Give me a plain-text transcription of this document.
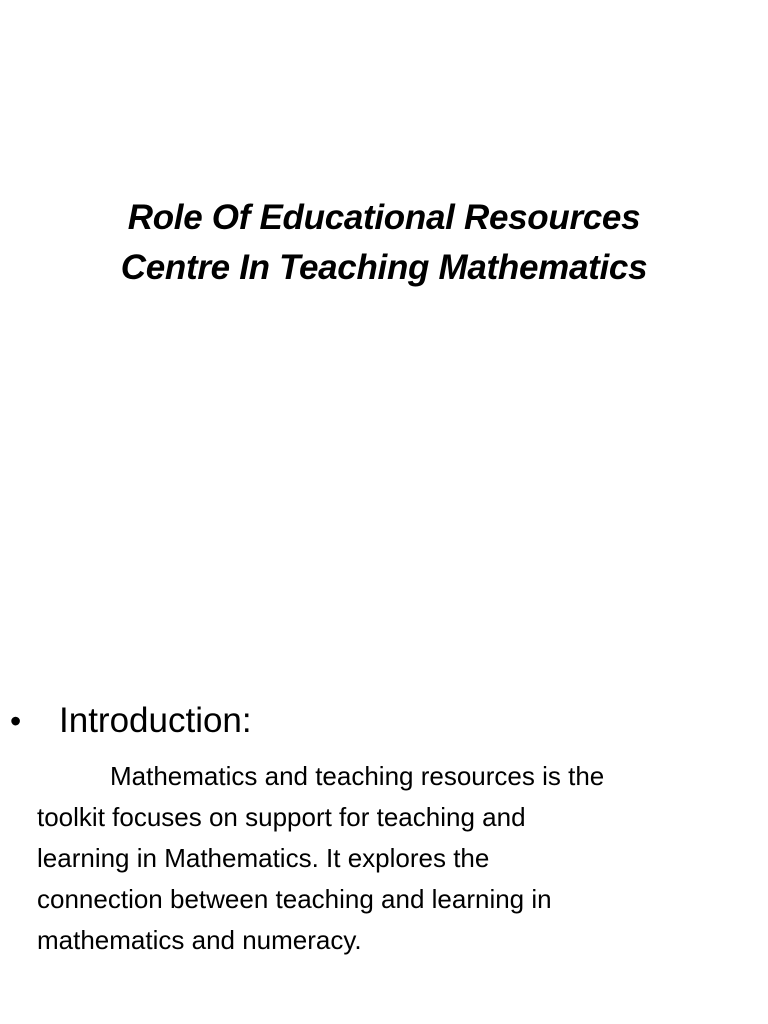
Role Of Educational Resources
Centre In Teaching Mathematics
• Introduction:
Mathematics and teaching resources is the
toolkit focuses on support for teaching and
learning in Mathematics. It explores the
connection between teaching and learning in
mathematics and numeracy.
